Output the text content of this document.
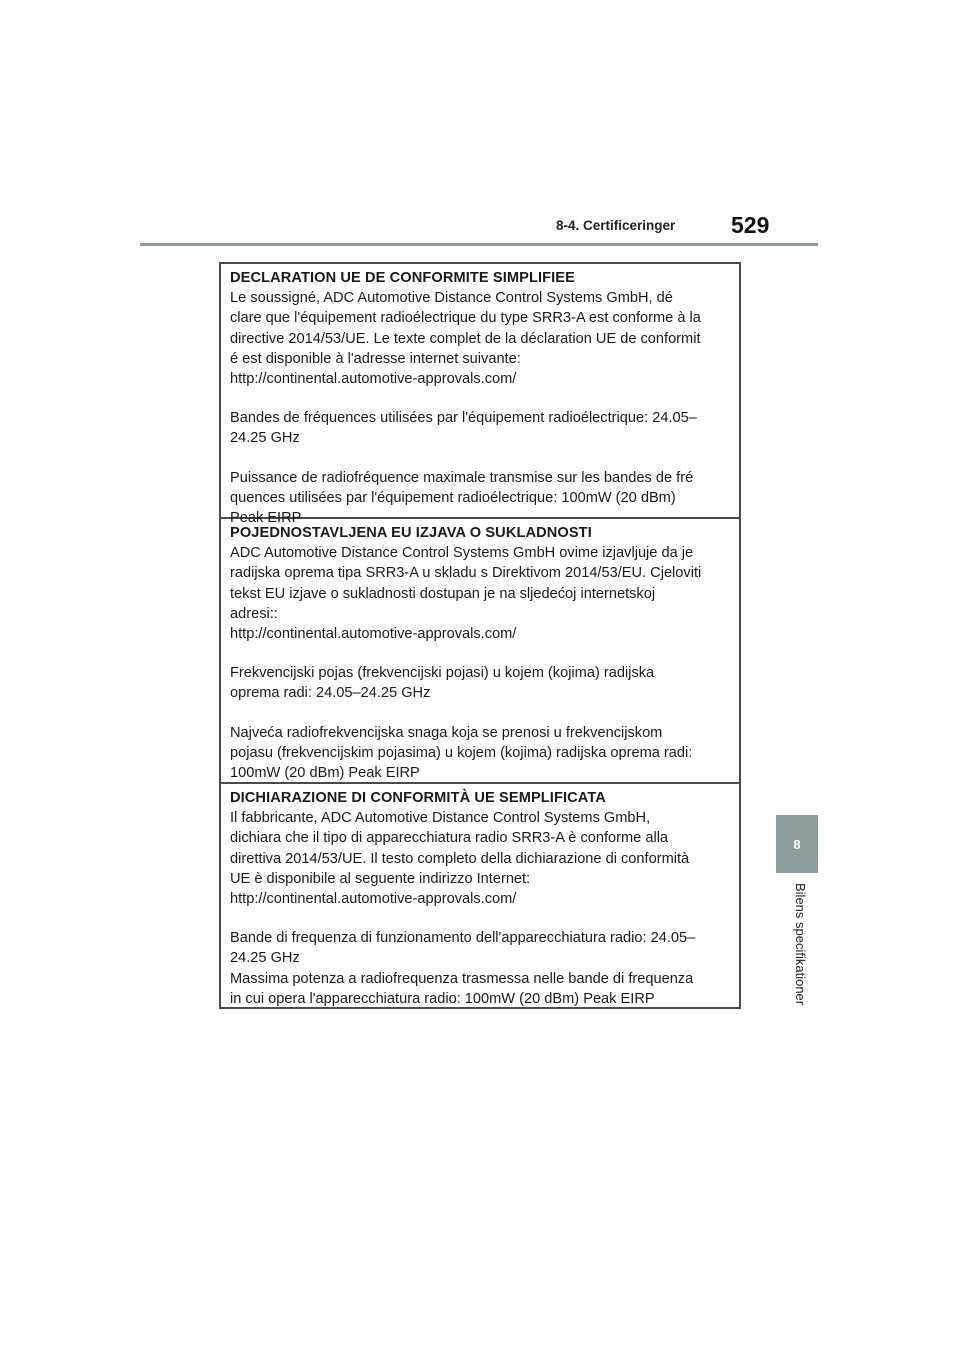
8-4. Certificeringer 529
8
Bilens specifikationer
DECLARATION UE DE CONFORMITE SIMPLIFIEE
Le soussigné, ADC Automotive Distance Control Systems GmbH, dé
clare que l'équipement radioélectrique du type SRR3-A est conforme à la
directive 2014/53/UE. Le texte complet de la déclaration UE de conformit
é est disponible à l'adresse internet suivante:
http://continental.automotive-approvals.com/
Bandes de fréquences utilisées par l'équipement radioélectrique: 24.05–
24.25 GHz
Puissance de radiofréquence maximale transmise sur les bandes de fré
quences utilisées par l'équipement radioélectrique: 100mW (20 dBm)
Peak EIRP
POJEDNOSTAVLJENA EU IZJAVA O SUKLADNOSTI
ADC Automotive Distance Control Systems GmbH ovime izjavljuje da je
radijska oprema tipa SRR3-A u skladu s Direktivom 2014/53/EU. Cjeloviti
tekst EU izjave o sukladnosti dostupan je na sljedećoj internetskoj
adresi::
http://continental.automotive-approvals.com/
Frekvencijski pojas (frekvencijski pojasi) u kojem (kojima) radijska
oprema radi: 24.05–24.25 GHz
Najveća radiofrekvencijska snaga koja se prenosi u frekvencijskom
pojasu (frekvencijskim pojasima) u kojem (kojima) radijska oprema radi:
100mW (20 dBm) Peak EIRP
DICHIARAZIONE DI CONFORMITÀ UE SEMPLIFICATA
Il fabbricante, ADC Automotive Distance Control Systems GmbH,
dichiara che il tipo di apparecchiatura radio SRR3-A è conforme alla
direttiva 2014/53/UE. Il testo completo della dichiarazione di conformità
UE è disponibile al seguente indirizzo Internet:
http://continental.automotive-approvals.com/
Bande di frequenza di funzionamento dell'apparecchiatura radio: 24.05–
24.25 GHz
Massima potenza a radiofrequenza trasmessa nelle bande di frequenza
in cui opera l'apparecchiatura radio: 100mW (20 dBm) Peak EIRP
